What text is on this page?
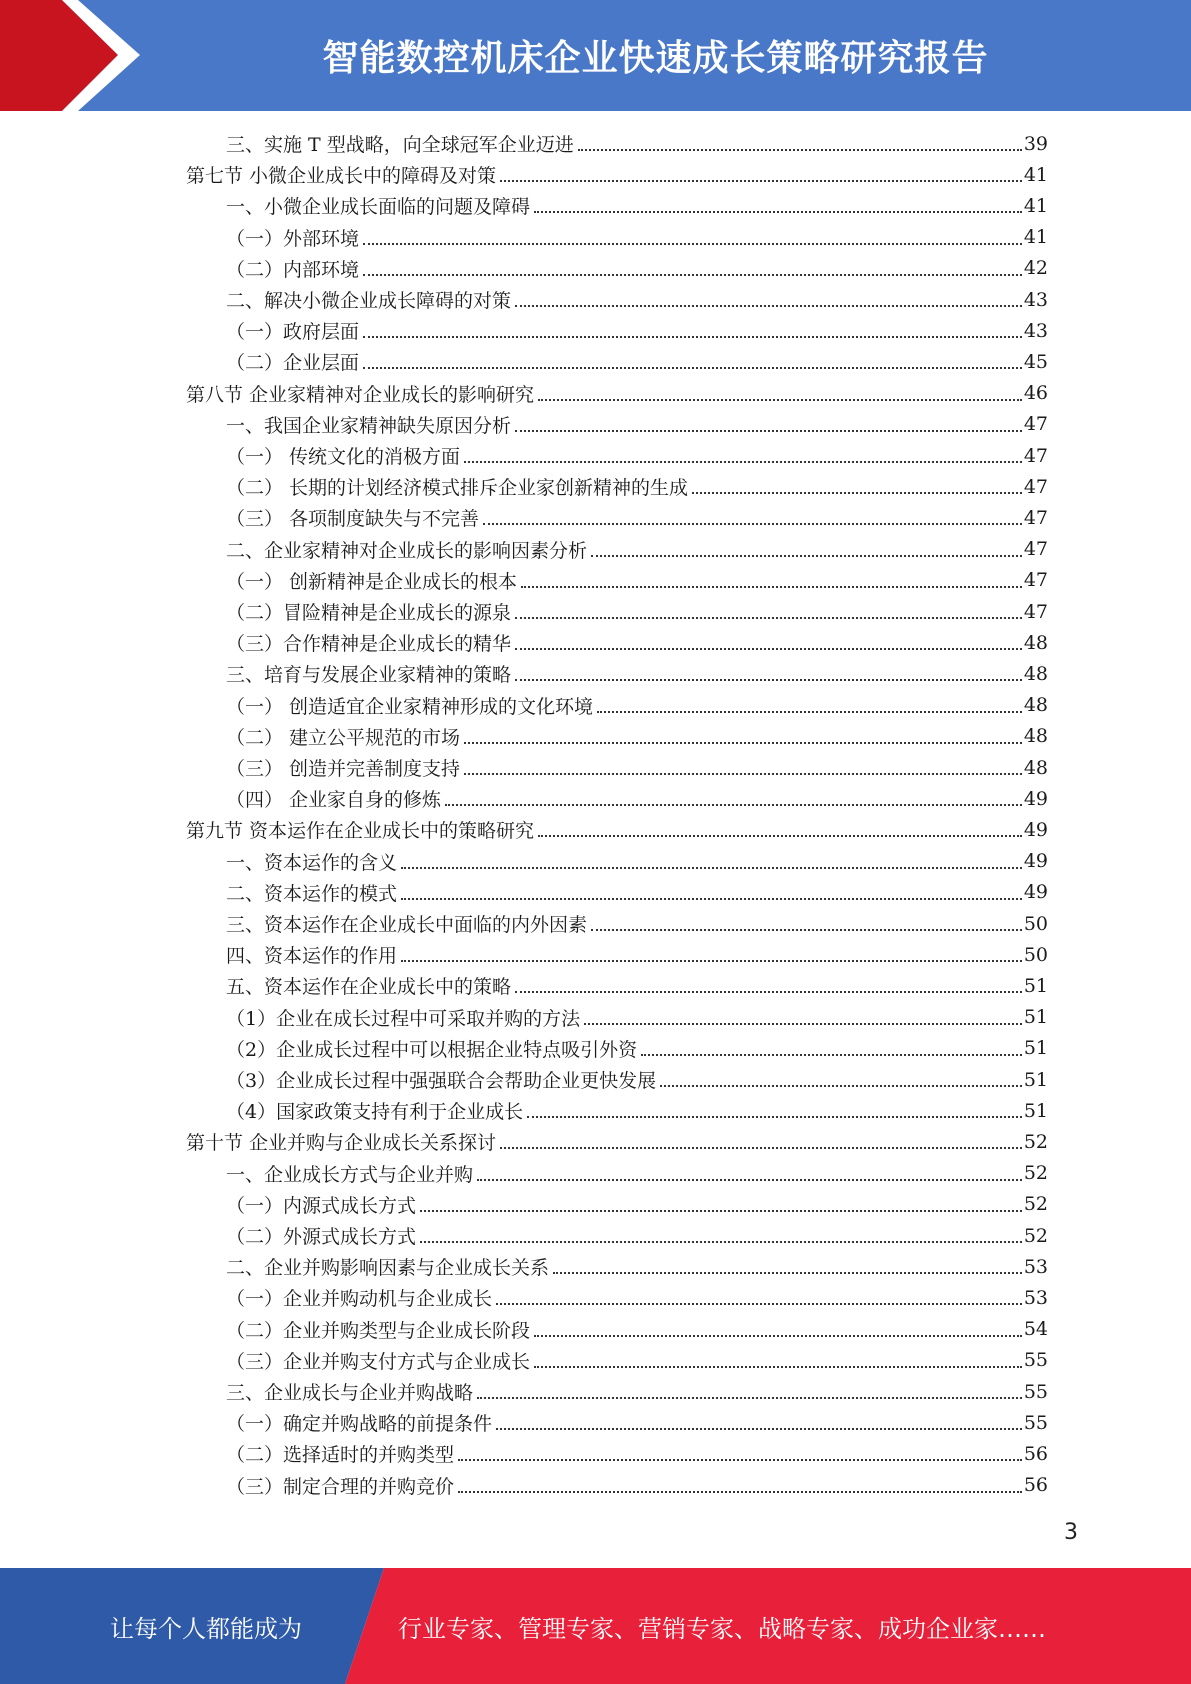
智能数控机床企业快速成长策略研究报告
三、实施 T 型战略，向全球冠军企业迈进	39
第七节 小微企业成长中的障碍及对策	41
一、小微企业成长面临的问题及障碍	41
（一）外部环境	41
（二）内部环境	42
二、解决小微企业成长障碍的对策	43
（一）政府层面	43
（二）企业层面	45
第八节 企业家精神对企业成长的影响研究	46
一、我国企业家精神缺失原因分析	47
（一） 传统文化的消极方面	47
（二） 长期的计划经济模式排斥企业家创新精神的生成	47
（三） 各项制度缺失与不完善	47
二、企业家精神对企业成长的影响因素分析	47
（一） 创新精神是企业成长的根本	47
（二）冒险精神是企业成长的源泉	47
（三）合作精神是企业成长的精华	48
三、培育与发展企业家精神的策略	48
（一） 创造适宜企业家精神形成的文化环境	48
（二） 建立公平规范的市场	48
（三） 创造并完善制度支持	48
（四） 企业家自身的修炼	49
第九节 资本运作在企业成长中的策略研究	49
一、资本运作的含义	49
二、资本运作的模式	49
三、资本运作在企业成长中面临的内外因素	50
四、资本运作的作用	50
五、资本运作在企业成长中的策略	51
（1）企业在成长过程中可采取并购的方法	51
（2）企业成长过程中可以根据企业特点吸引外资	51
（3）企业成长过程中强强联合会帮助企业更快发展	51
（4）国家政策支持有利于企业成长	51
第十节 企业并购与企业成长关系探讨	52
一、企业成长方式与企业并购	52
（一）内源式成长方式	52
（二）外源式成长方式	52
二、企业并购影响因素与企业成长关系	53
（一）企业并购动机与企业成长	53
（二）企业并购类型与企业成长阶段	54
（三）企业并购支付方式与企业成长	55
三、企业成长与企业并购战略	55
（一）确定并购战略的前提条件	55
（二）选择适时的并购类型	56
（三）制定合理的并购竞价	56
3
让每个人都能成为	行业专家、管理专家、营销专家、战略专家、成功企业家……
